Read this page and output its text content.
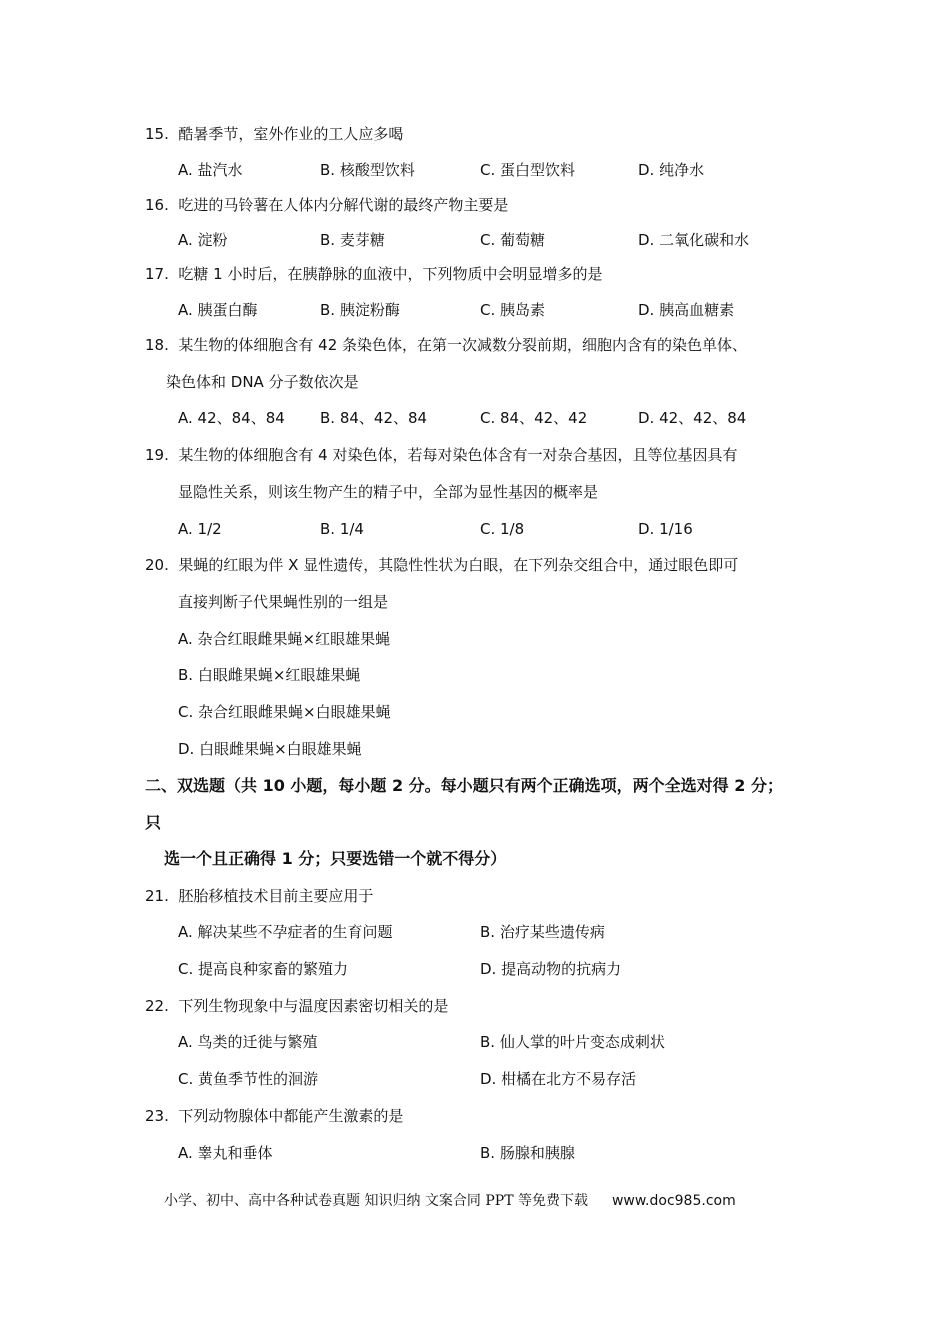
15. 酷暑季节，室外作业的工人应多喝
A. 盐汽水	B. 核酸型饮料	C. 蛋白型饮料	D. 纯净水
16. 吃进的马铃薯在人体内分解代谢的最终产物主要是
A. 淀粉	B. 麦芽糖	C. 葡萄糖	D. 二氧化碳和水
17. 吃糖 1 小时后，在胰静脉的血液中，下列物质中会明显增多的是
A. 胰蛋白酶	B. 胰淀粉酶	C. 胰岛素	D. 胰高血糖素
18. 某生物的体细胞含有 42 条染色体，在第一次减数分裂前期，细胞内含有的染色单体、
染色体和 DNA 分子数依次是
A. 42、84、84 B. 84、42、84	C. 84、42、42	D. 42、42、84
19. 某生物的体细胞含有 4 对染色体，若每对染色体含有一对杂合基因，且等位基因具有
显隐性关系，则该生物产生的精子中，全部为显性基因的概率是
A. 1/2	B. 1/4	C. 1/8	D. 1/16
20. 果蝇的红眼为伴 X 显性遗传，其隐性性状为白眼，在下列杂交组合中，通过眼色即可
直接判断子代果蝇性别的一组是
A. 杂合红眼雌果蝇×红眼雄果蝇
B. 白眼雌果蝇×红眼雄果蝇
C. 杂合红眼雌果蝇×白眼雄果蝇
D. 白眼雌果蝇×白眼雄果蝇
二、双选题（共 10 小题，每小题 2 分。每小题只有两个正确选项，两个全选对得 2 分；
只
选一个且正确得 1 分；只要选错一个就不得分）
21. 胚胎移植技术目前主要应用于
A. 解决某些不孕症者的生育问题	B. 治疗某些遗传病
C. 提高良种家畜的繁殖力	D. 提高动物的抗病力
22. 下列生物现象中与温度因素密切相关的是
A. 鸟类的迁徙与繁殖	B. 仙人掌的叶片变态成刺状
C. 黄鱼季节性的洄游	D. 柑橘在北方不易存活
23. 下列动物腺体中都能产生激素的是
A. 睾丸和垂体	B. 肠腺和胰腺
小学、初中、高中各种试卷真题 知识归纳 文案合同 PPT 等免费下载 www.doc985.com
